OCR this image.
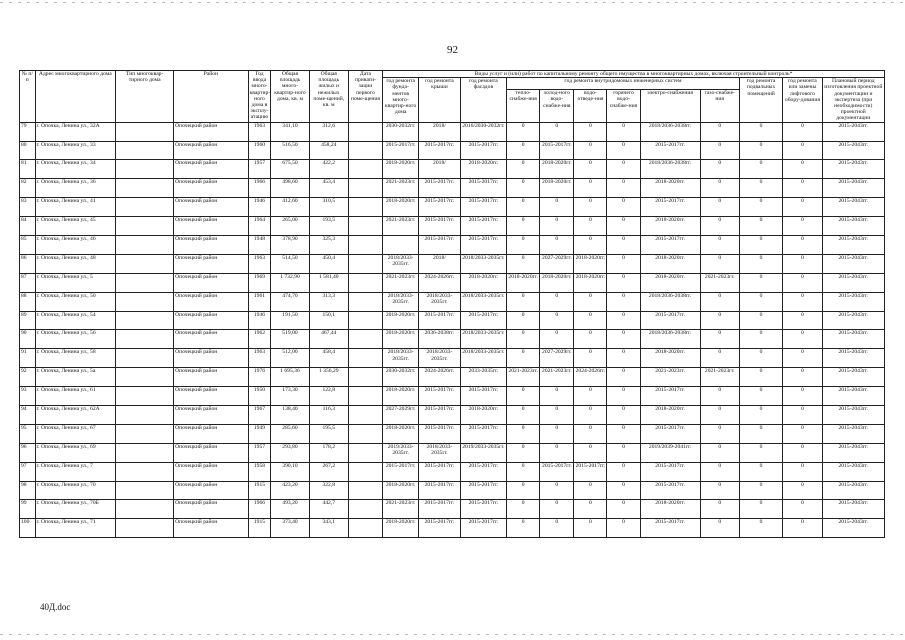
92
№ п/п	Адрес многоквартирного дома	Тип многоквар-тирного дома	Район	Год ввода много-квартир-ного дома в эксплу-атацию	Общая площадь много-квартир-ного дома, кв. м	Общая площадь жилых и нежилых поме-щений, кв. м	Дата привати-зации первого поме-щения	Виды услуг и (или) работ по капитальному ремонту общего имущества в многоквартирных домах, включая строительный контроль*											
								год ремонта фунда-ментов много-квартир-ного дома	год ремонта крыши	год ремонта фасадов	год ремонта внутридомовых инженерных систем						год ремонта подвальных помещений	год ремонта или замены лифтового обору-дования	Плановый период изготовления проектной документации и экспертиза (при необходимости) проектной документации
											тепло-снабже-ния	холод-ного водо-снабже-ния	водо-отведе-ния	горячего водо-снабже-ния	электро-снабжения	газо-снабже-ния			
79	г. Опочка, Ленина ул., 32А		Опочецкий район	1963	341,10	312,6		2030-2032гг.	2018/	2016/2030-2032гг.	0	0	0	0	2018/2036-2038гг.	0	0	0	2015-2043гг.
80	г. Опочка, Ленина ул., 33		Опочецкий район	1960	516,50	458,24		2015-2017гг.	2015-2017гг.	2015-2017гг.	0	2015-2017гг.	0	0	2015-2017гг.	0	0	0	2015-2043гг.
81	г. Опочка, Ленина ул., 34		Опочецкий район	1957	675,50	422,2		2018-2020гг.	2018/	2018-2020гг.	0	2018-2020гг.	0	0	2018/2036-2038гг.	0	0	0	2015-2043гг.
82	г. Опочка, Ленина ул., 36		Опочецкий район	1966	498,60	453,4		2021-2023гг.	2015-2017гг.	2015-2017гг.	0	2018-2020гг.	0	0	2018-2020гг.	0	0	0	2015-2043гг.
83	г. Опочка, Ленина ул., 41		Опочецкий район	1946	412,60	310,5		2018-2020гг.	2015-2017гг.	2015-2017гг.	0	0	0	0	2015-2017гг.	0	0	0	2015-2043гг.
84	г. Опочка, Ленина ул., 45		Опочецкий район	1964	265,00	193,5		2021-2023гг.	2015-2017гг.	2015-2017гг.	0	0	0	0	2018-2020гг.	0	0	0	2015-2043гг.
85	г. Опочка, Ленина ул., 46		Опочецкий район	1948	378,90	325,3			2015-2017гг.	2015-2017гг.	0	0	0	0	2015-2017гг.	0	0	0	2015-2043гг.
86	г. Опочка, Ленина ул., 48		Опочецкий район	1963	514,50	450,4		2018/2033-2035гг.	2018/	2018/2033-2035гг.	0	2027-2029гг.	2018-2020гг.	0	2018-2020гг.	0	0	0	2015-2043гг.
87	г. Опочка, Ленина ул., 5		Опочецкий район	1969	1 732,90	1 581,40		2021-2023гг.	2024-2026гг.	2018-2020гг.	2018-2020гг.	2018-2020гг.	2018-2020гг.	0	2018-2020гг.	2021-2023гг.	0	0	2015-2043гг.
88	г. Опочка, Ленина ул., 50		Опочецкий район	1961	474,70	313,3		2018/2033-2035гг.	2018/2033-2035гг.	2018/2033-2035гг.	0	0	0	0	2018/2036-2038гг.	0	0	0	2015-2043гг.
89	г. Опочка, Ленина ул., 54		Опочецкий район	1946	191,50	150,1		2018-2020гг.	2015-2017гг.	2015-2017гг.	0	0	0	0	2015-2017гг.	0	0	0	2015-2043гг.
90	г. Опочка, Ленина ул., 56		Опочецкий район	1962	519,00	467,44		2018-2020гг.	2036-2038гг.	2018/2033-2035гг.	0	0	0	0	2018/2036-2038гг.	0	0	0	2015-2043гг.
91	г. Опочка, Ленина ул., 58		Опочецкий район	1963	512,00	458,4		2018/2033-2035гг.	2018/2033-2035гг.	2018/2033-2035гг.	0	2027-2029гг.	0	0	2018-2020гг.	0	0	0	2015-2043гг.
92	г. Опочка, Ленина ул., 5а		Опочецкий район	1976	1 695,36	1 356,29		2030-2032гг.	2024-2026гг.	2033-2035гг.	2021-2023гг.	2021-2023гг.	2024-2026гг.	0	2021-2023гг.	2021-2023гг.	0	0	2015-2043гг.
93	г. Опочка, Ленина ул., 61		Опочецкий район	1950	173,30	122,8		2018-2020гг.	2015-2017гг.	2015-2017гг.	0	0	0	0	2015-2017гг.	0	0	0	2015-2043гг.
94	г. Опочка, Ленина ул., 62А		Опочецкий район	1967	138,40	116,3		2027-2029гг.	2015-2017гг.	2018-2020гг.	0	0	0	0	2018-2020гг.	0	0	0	2015-2043гг.
95	г. Опочка, Ленина ул., 67		Опочецкий район	1949	285,60	195,5		2018-2020гг.	2015-2017гг.	2015-2017гг.	0	0	0	0	2015-2017гг.	0	0	0	2015-2043гг.
96	г. Опочка, Ленина ул., 69		Опочецкий район	1957	293,80	178,2		2019/2033-2035гг.	2018/2033-2035гг.	2019/2033-2035гг.	0	0	0	0	2019/2039-2041гг.	0	0	0	2015-2043гг.
97	г. Опочка, Ленина ул., 7		Опочецкий район	1958	390,10	267,2		2015-2017гг.	2015-2017гг.	2015-2017гг.	0	2015-2017гг.	2015-2017гг.	0	2015-2017гг.	0	0	0	2015-2043гг.
98	г. Опочка, Ленина ул., 70		Опочецкий район	1915	423,20	322,8		2018-2020гг.	2015-2017гг.	2015-2017гг.	0	0	0	0	2015-2017гг.	0	0	0	2015-2043гг.
99	г. Опочка, Ленина ул., 70Б		Опочецкий район	1966	493,20	442,7		2021-2023гг.	2015-2017гг.	2015-2017гг.	0	0	0	0	2018-2020гг.	0	0	0	2015-2043гг.
100	г. Опочка, Ленина ул., 71		Опочецкий район	1915	373,40	343,1		2018-2020гг.	2015-2017гг.	2015-2017гг.	0	0	0	0	2015-2017гг.	0	0	0	2015-2043гг.
40Д.doc
